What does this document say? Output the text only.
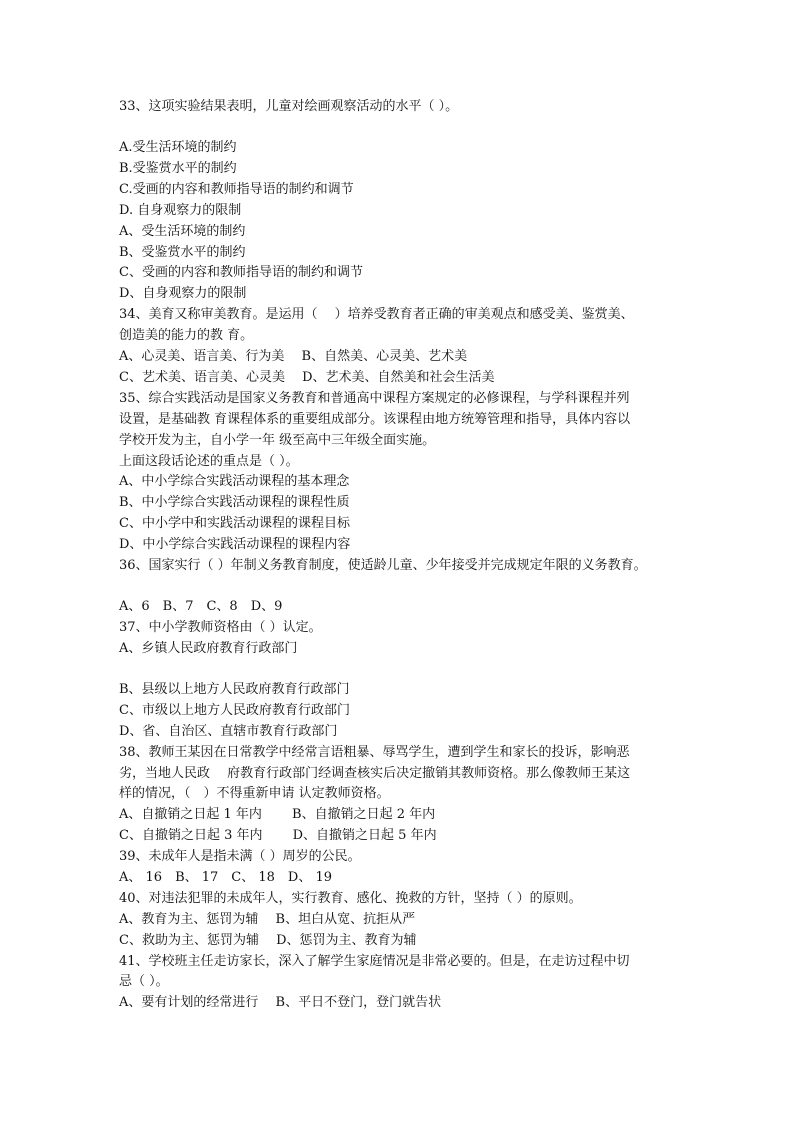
33、这项实验结果表明，儿童对绘画观察活动的水平（ ）。
A.受生活环境的制约
B.受鉴赏水平的制约
C.受画的内容和教师指导语的制约和调节
D. 自身观察力的限制
A、受生活环境的制约
B、受鉴赏水平的制约
C、受画的内容和教师指导语的制约和调节
D、自身观察力的限制
34、美育又称审美教育。是运用（　 ）培养受教育者正确的审美观点和感受美、鉴赏美、
创造美的能力的教 育。
A、心灵美、语言美、行为美　 B、自然美、心灵美、艺术美
C、艺术美、语言美、心灵美　 D、艺术美、自然美和社会生活美
35、综合实践活动是国家义务教育和普通高中课程方案规定的必修课程，与学科课程并列
设置，是基础教 育课程体系的重要组成部分。该课程由地方统筹管理和指导，具体内容以
学校开发为主，自小学一年 级至高中三年级全面实施。
上面这段话论述的重点是（ ）。
A、中小学综合实践活动课程的基本理念
B、中小学综合实践活动课程的课程性质
C、中小学中和实践活动课程的课程目标
D、中小学综合实践活动课程的课程内容
36、国家实行（ ）年制义务教育制度，使适龄儿童、少年接受并完成规定年限的义务教育。
A、6　B、7　C、8　D、9
37、中小学教师资格由（ ）认定。
A、乡镇人民政府教育行政部门
B、县级以上地方人民政府教育行政部门
C、市级以上地方人民政府教育行政部门
D、省、自治区、直辖市教育行政部门
38、教师王某因在日常教学中经常言语粗暴、辱骂学生，遭到学生和家长的投诉，影响恶
劣，当地人民政　 府教育行政部门经调查核实后决定撤销其教师资格。那么像教师王某这
样的情况，（　）不得重新申请 认定教师资格。
A、自撤销之日起 1 年内　　 B、自撤销之日起 2 年内
C、自撤销之日起 3 年内　　 D、自撤销之日起 5 年内
39、未成年人是指未满（ ）周岁的公民。
A、 16　B、 17　C、 18　D、 19
40、对违法犯罪的未成年人，实行教育、感化、挽救的方针，坚持（ ）的原则。
A、教育为主、惩罚为辅　 B、坦白从宽、抗拒从严
C、救助为主、惩罚为辅　 D、惩罚为主、教育为辅
41、学校班主任走访家长，深入了解学生家庭情况是非常必要的。但是，在走访过程中切
忌（ ）。
A、要有计划的经常进行　 B、平日不登门，登门就告状
